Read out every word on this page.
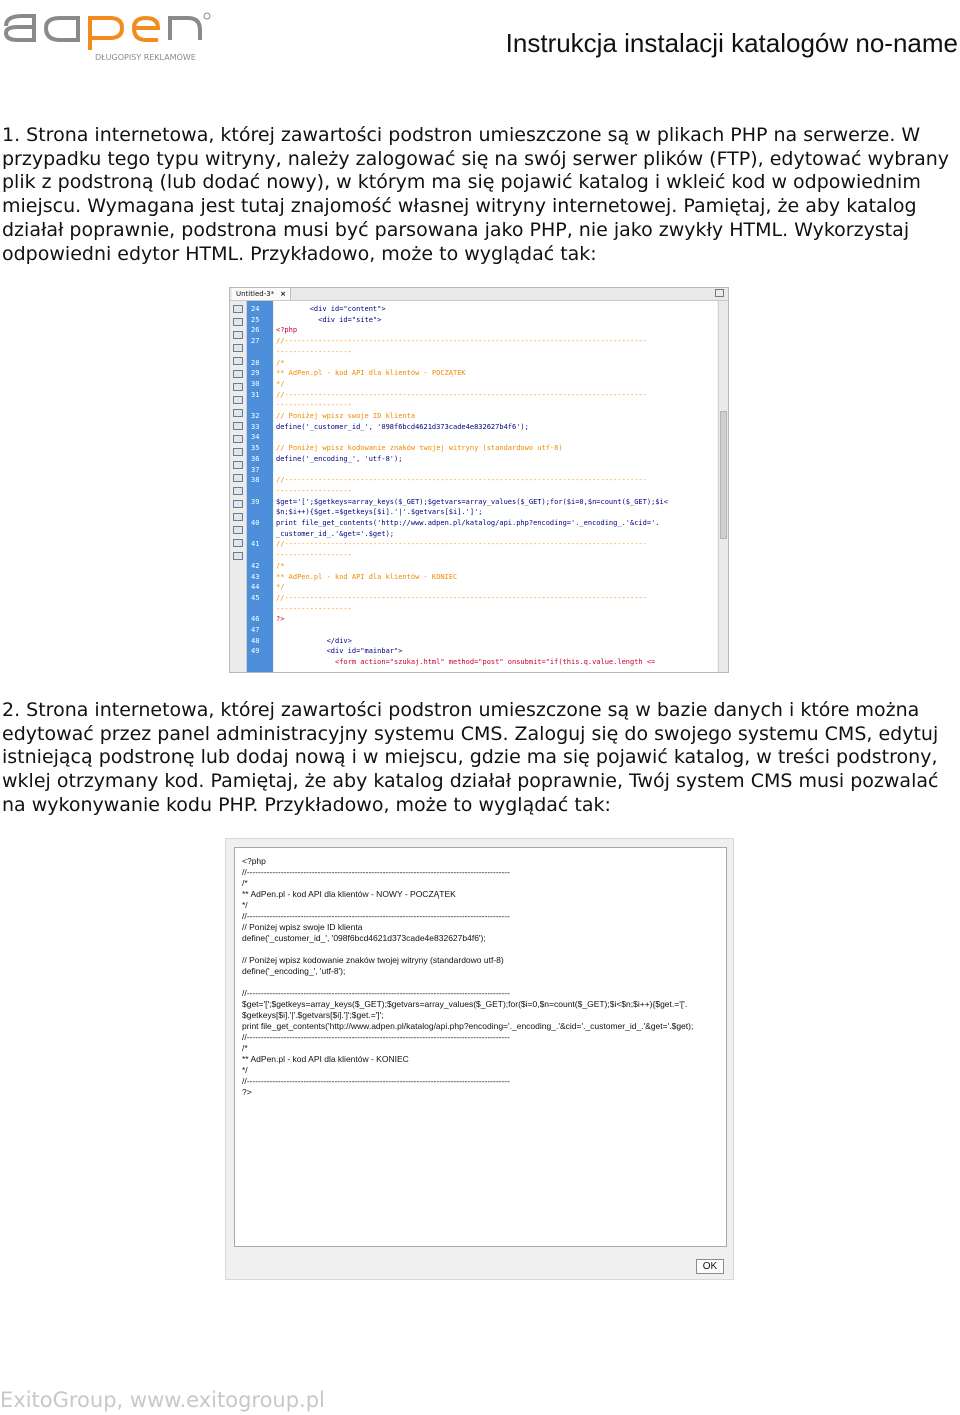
DŁUGOPISY REKLAMOWE	Instrukcja instalacji katalogów no-name

1. Strona internetowa, której zawartości podstron umieszczone są w plikach PHP na serwerze. W przypadku tego typu witryny, należy zalogować się na swój serwer plików (FTP), edytować wybrany plik z podstroną (lub dodać nowy), w którym ma się pojawić katalog i wkleić kod w odpowiednim miejscu. Wymagana jest tutaj znajomość własnej witryny internetowej. Pamiętaj, że aby katalog działał poprawnie, podstrona musi być parsowana jako PHP, nie jako zwykły HTML. Wykorzystaj odpowiedni edytor HTML. Przykładowo, może to wyglądać tak:

Untitled-3* ×
24
25
26
27
28
29
30
31
32
33
34
35
36
37
38
39
40
41
42
43
44
45
46
47
48
49
<div id="content">
<div id="site">
<?php
//--------------------------------------------------------------------------------------
------------------
/*
** AdPen.pl - kod API dla klientów - POCZĄTEK
*/
//--------------------------------------------------------------------------------------
------------------
// Poniżej wpisz swoje ID klienta
define('_customer_id_', '098f6bcd4621d373cade4e832627b4f6');
// Poniżej wpisz kodowanie znaków twojej witryny (standardowo utf-8)
define('_encoding_', 'utf-8');
//--------------------------------------------------------------------------------------
------------------
$get='[';$getkeys=array_keys($_GET);$getvars=array_values($_GET);for($i=0,$n=count($_GET);$i<
$n;$i++){$get.=$getkeys[$i].'|'.$getvars[$i].']';
print file_get_contents('http://www.adpen.pl/katalog/api.php?encoding='._encoding_.'&cid='.
_customer_id_.'&get='.$get);
//--------------------------------------------------------------------------------------
------------------
/*
** AdPen.pl - kod API dla klientów - KONIEC
*/
//--------------------------------------------------------------------------------------
------------------
?>
</div>
<div id="mainbar">
<form action="szukaj.html" method="post" onsubmit="if(this.q.value.length <=

2. Strona internetowa, której zawartości podstron umieszczone są w bazie danych i które można edytować przez panel administracyjny systemu CMS. Zaloguj się do swojego systemu CMS, edytuj istniejącą podstronę lub dodaj nową i w miejscu, gdzie ma się pojawić katalog, w treści podstrony, wklej otrzymany kod. Pamiętaj, że aby katalog działał poprawnie, Twój system CMS musi pozwalać na wykonywanie kodu PHP. Przykładowo, może to wyglądać tak:

<?php
//---------------------------------------------------------------------------------------------
/*
** AdPen.pl - kod API dla klientów - NOWY - POCZĄTEK
*/
//---------------------------------------------------------------------------------------------
// Poniżej wpisz swoje ID klienta
define('_customer_id_', '098f6bcd4621d373cade4e832627b4f6');
// Poniżej wpisz kodowanie znaków twojej witryny (standardowo utf-8)
define('_encoding_', 'utf-8');
//---------------------------------------------------------------------------------------------
$get='[';$getkeys=array_keys($_GET);$getvars=array_values($_GET);for($i=0,$n=count($_GET);$i<$n;$i++){$get.='['.
$getkeys[$i].'|'.$getvars[$i].']';$get.=']';
print file_get_contents('http://www.adpen.pl/katalog/api.php?encoding='._encoding_.'&cid='._customer_id_.'&get='.$get);
//---------------------------------------------------------------------------------------------
/*
** AdPen.pl - kod API dla klientów - KONIEC
*/
//---------------------------------------------------------------------------------------------
?>
OK
ExitoGroup, www.exitogroup.pl
